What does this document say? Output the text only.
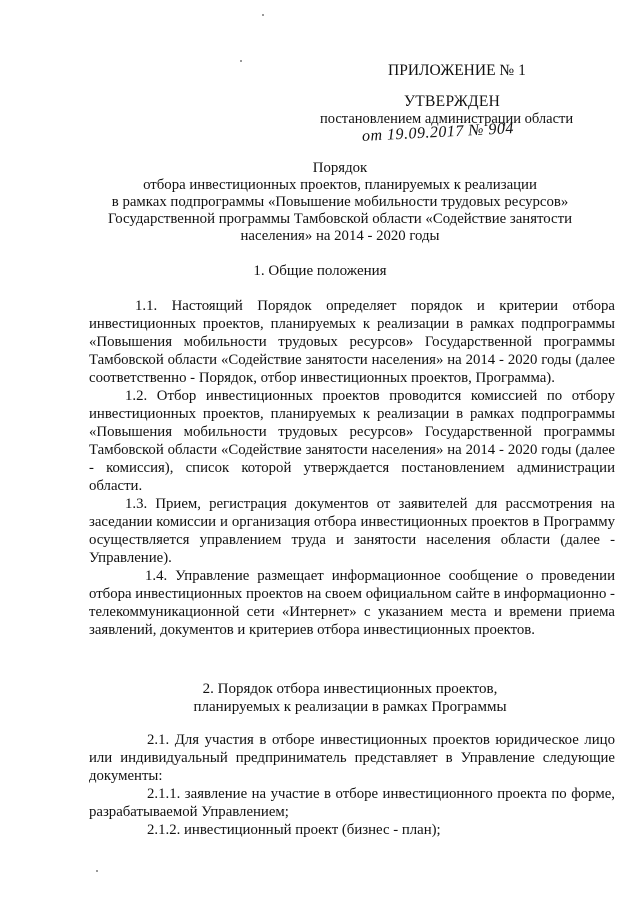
ПРИЛОЖЕНИЕ № 1
УТВЕРЖДЕН
постановлением администрации области
от 19.09.2017 № 904
Порядок
отбора инвестиционных проектов, планируемых к реализации
в рамках подпрограммы «Повышение мобильности трудовых ресурсов»
Государственной программы Тамбовской области «Содействие занятости
населения» на 2014 - 2020 годы
1. Общие положения

1.1. Настоящий Порядок определяет порядок и критерии отбора инвестиционных проектов, планируемых к реализации в рамках подпрограммы «Повышения мобильности трудовых ресурсов» Государственной программы Тамбовской области «Содействие занятости населения» на 2014 - 2020 годы (далее соответственно - Порядок, отбор инвестиционных проектов, Программа).

1.2. Отбор инвестиционных проектов проводится комиссией по отбору инвестиционных проектов, планируемых к реализации в рамках подпрограммы «Повышения мобильности трудовых ресурсов» Государственной программы Тамбовской области «Содействие занятости населения» на 2014 - 2020 годы (далее - комиссия), список которой утверждается постановлением администрации области.

1.3. Прием, регистрация документов от заявителей для рассмотрения на заседании комиссии и организация отбора инвестиционных проектов в Программу осуществляется управлением труда и занятости населения области (далее - Управление).

1.4. Управление размещает информационное сообщение о проведении отбора инвестиционных проектов на своем официальном сайте в информационно - телекоммуникационной сети «Интернет» с указанием места и времени приема заявлений, документов и критериев отбора инвестиционных проектов.

2. Порядок отбора инвестиционных проектов,
планируемых к реализации в рамках Программы

2.1. Для участия в отборе инвестиционных проектов юридическое лицо или индивидуальный предприниматель представляет в Управление следующие документы:

2.1.1. заявление на участие в отборе инвестиционного проекта по форме, разрабатываемой Управлением;

2.1.2. инвестиционный проект (бизнес - план);
